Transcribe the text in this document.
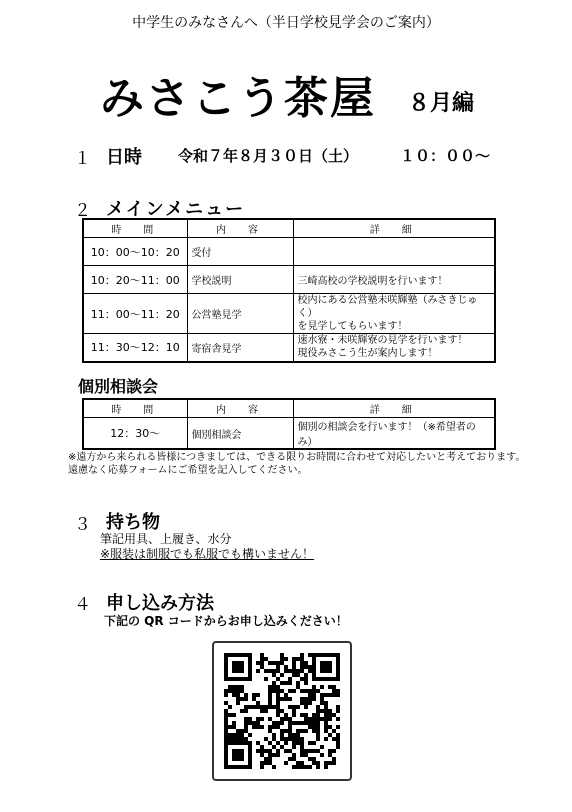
中学生のみなさんへ（半日学校見学会のご案内）
みさこう茶屋 ８月編
１ 日時 令和７年８月３０日（土）	１０：００～
２ メインメニュー
時　間	内　容	詳　細
10：00～10：20	受付	

10：20～11：00	学校説明	三崎高校の学校説明を行います！

11：00～11：20	公営塾見学	校内にある公営塾未咲輝塾（みさきじゅく）
を見学してもらいます！

11：30～12：10	寄宿舎見学	速水寮・未咲輝寮の見学を行います！
現役みさこう生が案内します！
個別相談会
時　間	内　容	詳　細
12：30～	個別相談会	個別の相談会を行います！（※希望者のみ）
※遠方から来られる皆様につきましては、できる限りお時間に合わせて対応したいと考えております。遠慮なく応募フォームにご希望を記入してください。
３ 持ち物
筆記用具、上履き、水分
※服装は制服でも私服でも構いません！
４ 申し込み方法
下記の QR コードからお申し込みください！
